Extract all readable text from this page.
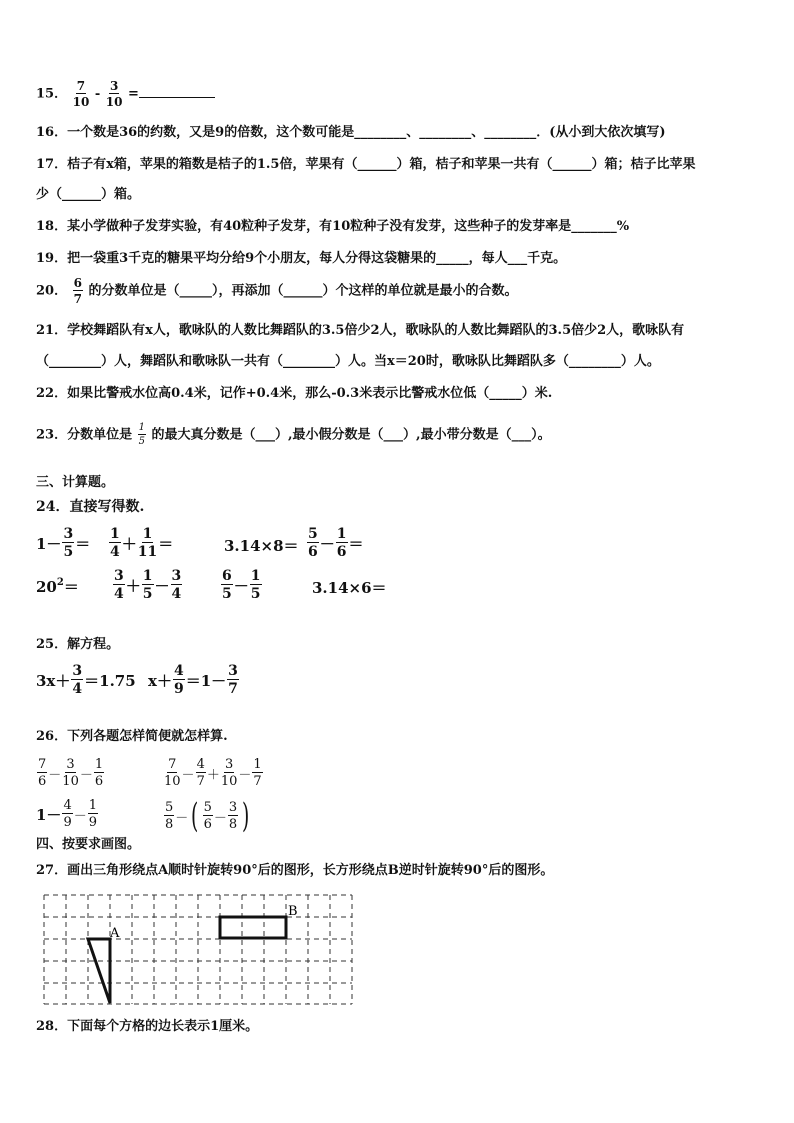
15． $\frac{7}{10} - \frac{3}{10}$ =
16．一个数是36的约数，又是9的倍数，这个数可能是________、________、________．(从小到大依次填写)
17．桔子有x箱，苹果的箱数是桔子的1.5倍，苹果有（______）箱，桔子和苹果一共有（______）箱；桔子比苹果
少（______）箱。
18．某小学做种子发芽实验，有40粒种子发芽，有10粒种子没有发芽，这些种子的发芽率是_______%
19．把一袋重3千克的糖果平均分给9个小朋友，每人分得这袋糖果的_____，每人___千克。
20． $\frac{6}{7}$ 的分数单位是（_____），再添加（______）个这样的单位就是最小的合数。
21．学校舞蹈队有x人，歌咏队的人数比舞蹈队的3.5倍少2人，歌咏队的人数比舞蹈队的3.5倍少2人，歌咏队有
（________）人，舞蹈队和歌咏队一共有（________）人。当x＝20时，歌咏队比舞蹈队多（________）人。
22．如果比警戒水位高0.4米，记作+0.4米，那么-0.3米表示比警戒水位低（_____）米.
23．分数单位是 $\frac{1}{5}$ 的最大真分数是（___）,最小假分数是（___）,最小带分数是（___）。
三、计算题。
24．直接写得数.
1－
3
5 ＝
1
4 ＋
1
11 ＝	3.14×8＝
5
6 －
1
6 ＝
$20^2$ ＝
3
4 ＋
1
5 －
3
4
6
5 －
1
5	3.14×6＝
25．解方程。
3x＋
3
4 ＝1.75 x＋
4
9 ＝1－
3
7
26．下列各题怎样简便就怎样算.
7
6 －
3
10 －
1
6
7
10 －
4
7 ＋
3
10 －
1
7
1－ 4
9 －
1
9
5
8 － ( 5
6 －
3
8 )
四、按要求画图。
27．画出三角形绕点A顺时针旋转90°后的图形，长方形绕点B逆时针旋转90°后的图形。
A
B
28．下面每个方格的边长表示1厘米。
